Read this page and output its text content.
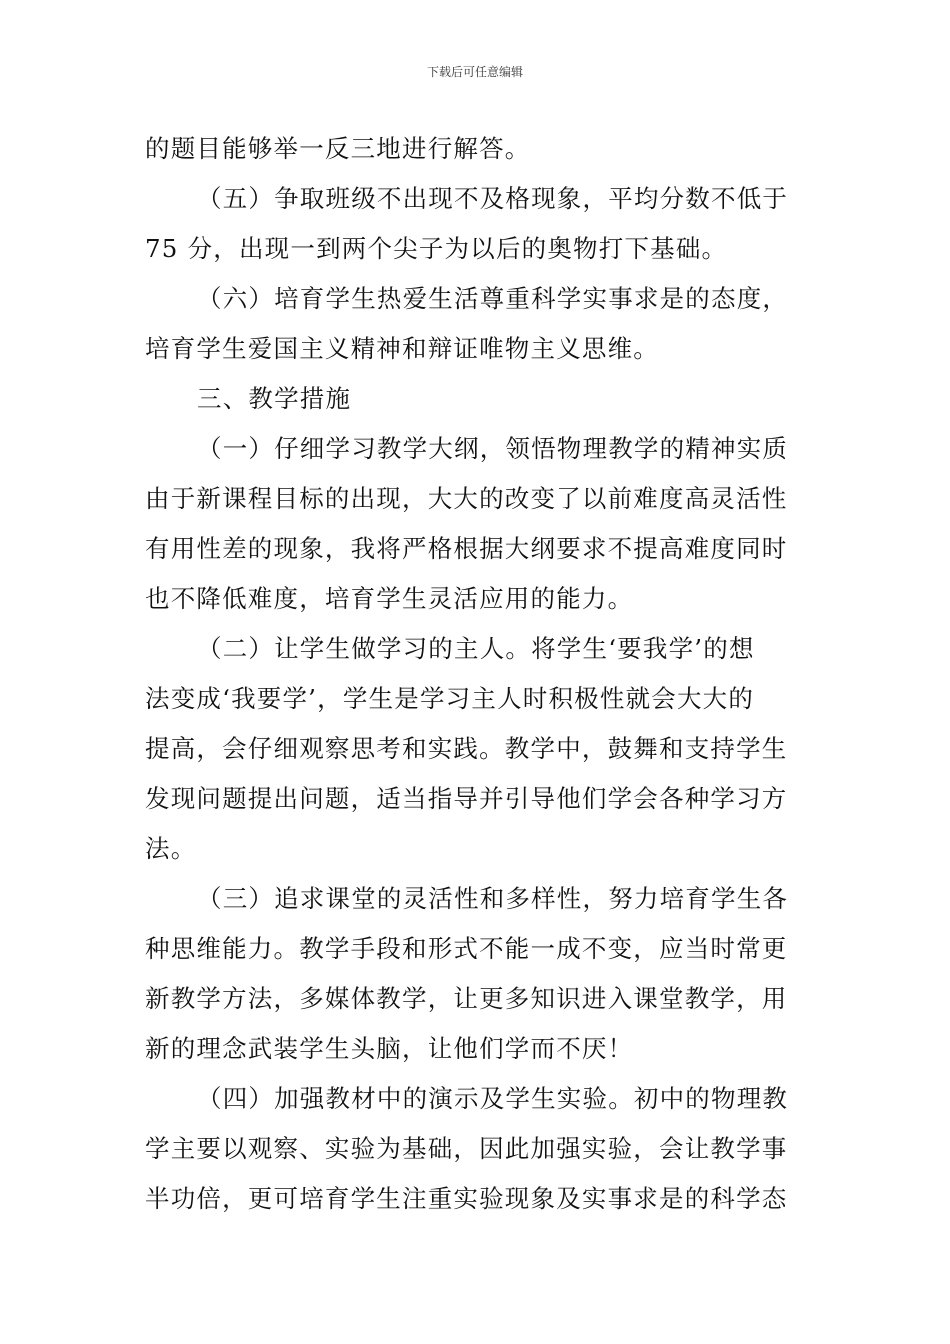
下载后可任意编辑
的题目能够举一反三地进行解答。
（五）争取班级不出现不及格现象，平均分数不低于
75 分，出现一到两个尖子为以后的奥物打下基础。
（六）培育学生热爱生活尊重科学实事求是的态度，
培育学生爱国主义精神和辩证唯物主义思维。
三、教学措施
（一）仔细学习教学大纲，领悟物理教学的精神实质
由于新课程目标的出现，大大的改变了以前难度高灵活性
有用性差的现象，我将严格根据大纲要求不提高难度同时
也不降低难度，培育学生灵活应用的能力。
（二）让学生做学习的主人。将学生‘要我学’的想
法变成‘我要学’，学生是学习主人时积极性就会大大的
提高，会仔细观察思考和实践。教学中，鼓舞和支持学生
发现问题提出问题，适当指导并引导他们学会各种学习方
法。
（三）追求课堂的灵活性和多样性，努力培育学生各
种思维能力。教学手段和形式不能一成不变，应当时常更
新教学方法，多媒体教学，让更多知识进入课堂教学，用
新的理念武装学生头脑，让他们学而不厌！
（四）加强教材中的演示及学生实验。初中的物理教
学主要以观察、实验为基础，因此加强实验，会让教学事
半功倍，更可培育学生注重实验现象及实事求是的科学态
